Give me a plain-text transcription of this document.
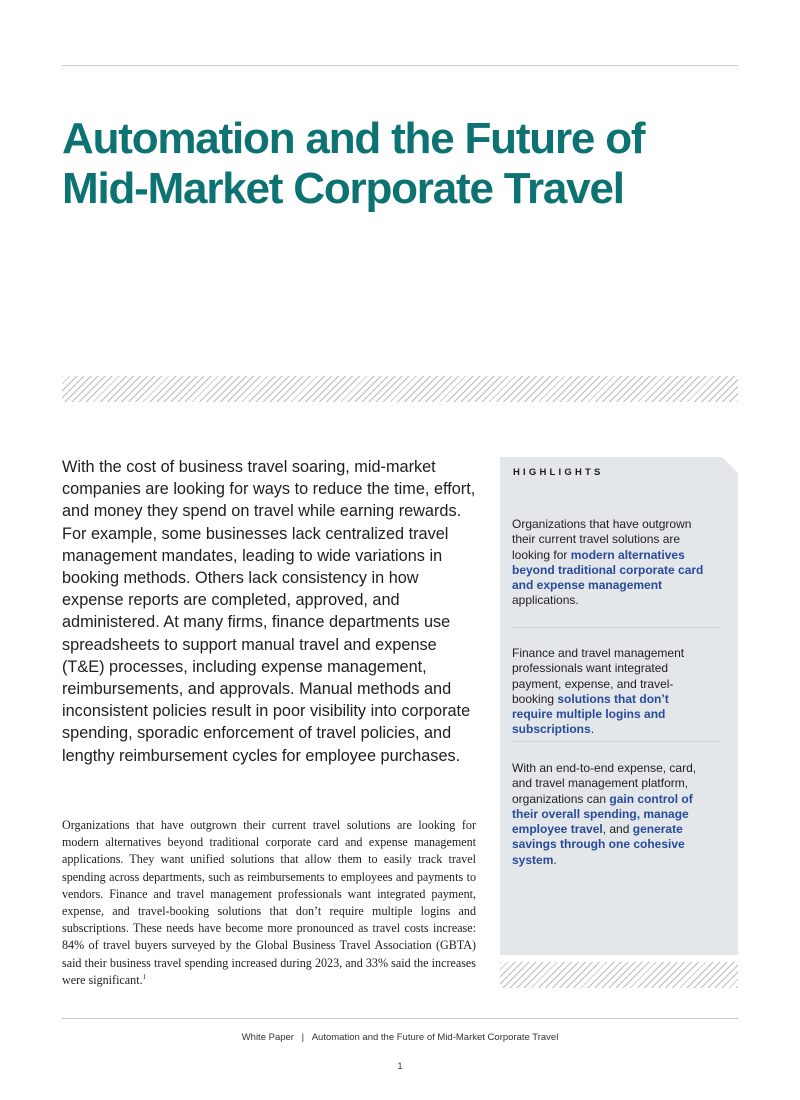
Automation and the Future of Mid-Market Corporate Travel

With the cost of business travel soaring, mid-market companies are looking for ways to reduce the time, effort, and money they spend on travel while earning rewards. For example, some businesses lack centralized travel management mandates, leading to wide variations in booking methods. Others lack consistency in how expense reports are completed, approved, and administered. At many firms, finance departments use spreadsheets to support manual travel and expense (T&E) processes, including expense management, reimbursements, and approvals. Manual methods and inconsistent policies result in poor visibility into corporate spending, sporadic enforcement of travel policies, and lengthy reimbursement cycles for employee purchases.

Organizations that have outgrown their current travel solutions are looking for modern alternatives beyond traditional corporate card and expense management applications. They want unified solutions that allow them to easily track travel spending across departments, such as reimbursements to employees and payments to vendors. Finance and travel management professionals want integrated payment, expense, and travel-booking solutions that don’t require multiple logins and subscriptions. These needs have become more pronounced as travel costs increase: 84% of travel buyers surveyed by the Global Business Travel Association (GBTA) said their business travel spending increased during 2023, and 33% said the increases were significant.$^1$

HIGHLIGHTS

Organizations that have outgrown their current travel solutions are looking for modern alternatives beyond traditional corporate card and expense management applications.

Finance and travel management professionals want integrated payment, expense, and travel-booking solutions that don’t require multiple logins and subscriptions.

With an end-to-end expense, card, and travel management platform, organizations can gain control of their overall spending, manage employee travel, and generate savings through one cohesive system.

White Paper | Automation and the Future of Mid-Market Corporate Travel

1
